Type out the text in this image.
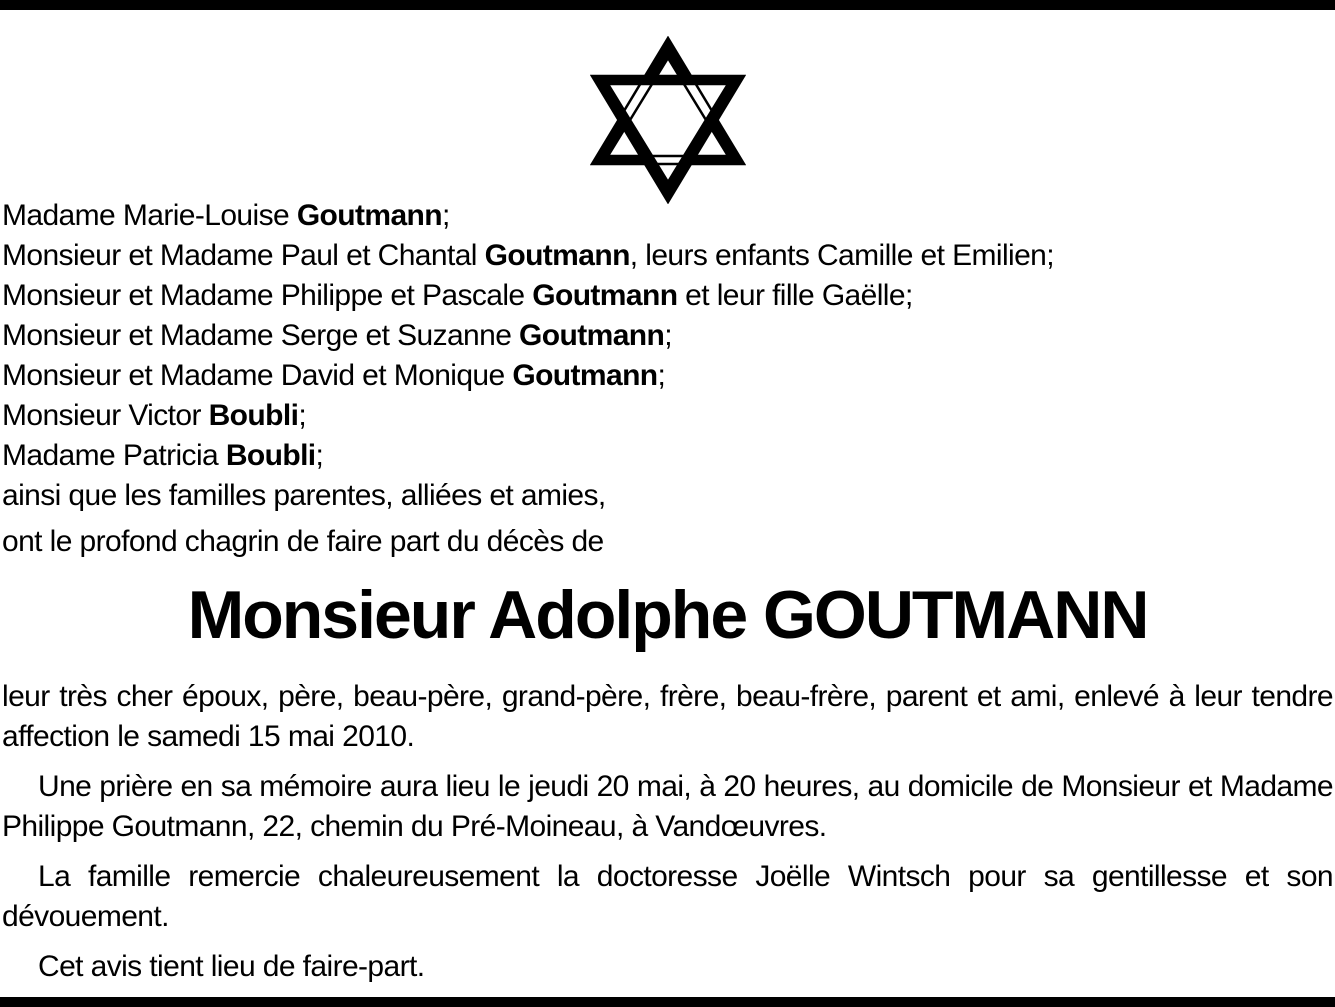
Madame Marie-Louise Goutmann;
Monsieur et Madame Paul et Chantal Goutmann, leurs enfants Camille et Emilien;
Monsieur et Madame Philippe et Pascale Goutmann et leur fille Gaëlle;
Monsieur et Madame Serge et Suzanne Goutmann;
Monsieur et Madame David et Monique Goutmann;
Monsieur Victor Boubli;
Madame Patricia Boubli;
ainsi que les familles parentes, alliées et amies,
ont le profond chagrin de faire part du décès de
Monsieur Adolphe GOUTMANN

leur très cher époux, père, beau-père, grand-père, frère, beau-frère, parent et ami, enlevé à leur tendre affection le samedi 15 mai 2010.

Une prière en sa mémoire aura lieu le jeudi 20 mai, à 20 heures, au domicile de Monsieur et Madame Philippe Goutmann, 22, chemin du Pré-Moineau, à Vandœuvres.

La famille remercie chaleureusement la doctoresse Joëlle Wintsch pour sa gentillesse et son dévouement.

Cet avis tient lieu de faire-part.
